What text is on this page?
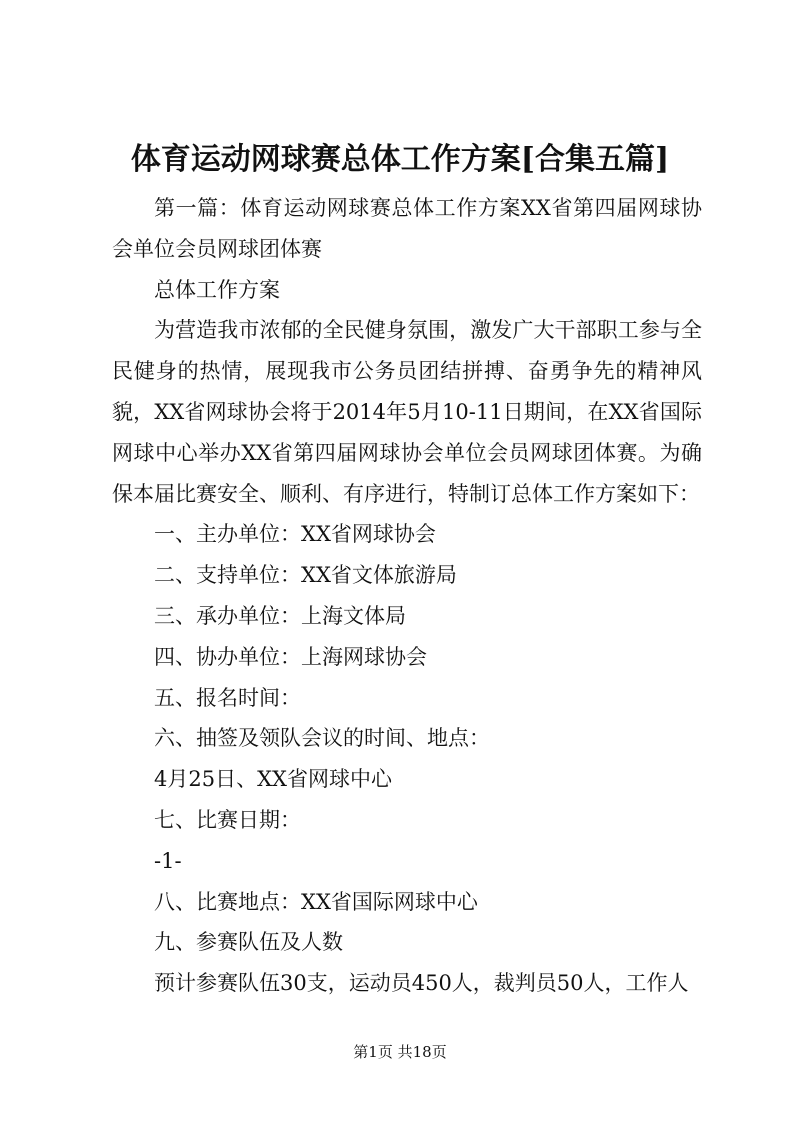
体育运动网球赛总体工作方案[合集五篇]

第一篇：体育运动网球赛总体工作方案XX省第四届网球协会单位会员网球团体赛

总体工作方案

为营造我市浓郁的全民健身氛围，激发广大干部职工参与全民健身的热情，展现我市公务员团结拼搏、奋勇争先的精神风貌，XX省网球协会将于2014年5月10-11日期间，在XX省国际网球中心举办XX省第四届网球协会单位会员网球团体赛。为确保本届比赛安全、顺利、有序进行，特制订总体工作方案如下：

一、主办单位：XX省网球协会

二、支持单位：XX省文体旅游局

三、承办单位：上海文体局

四、协办单位：上海网球协会

五、报名时间：

六、抽签及领队会议的时间、地点：

4月25日、XX省网球中心

七、比赛日期：

-1-

八、比赛地点：XX省国际网球中心

九、参赛队伍及人数

预计参赛队伍30支，运动员450人，裁判员50人，工作人

第1页 共18页
